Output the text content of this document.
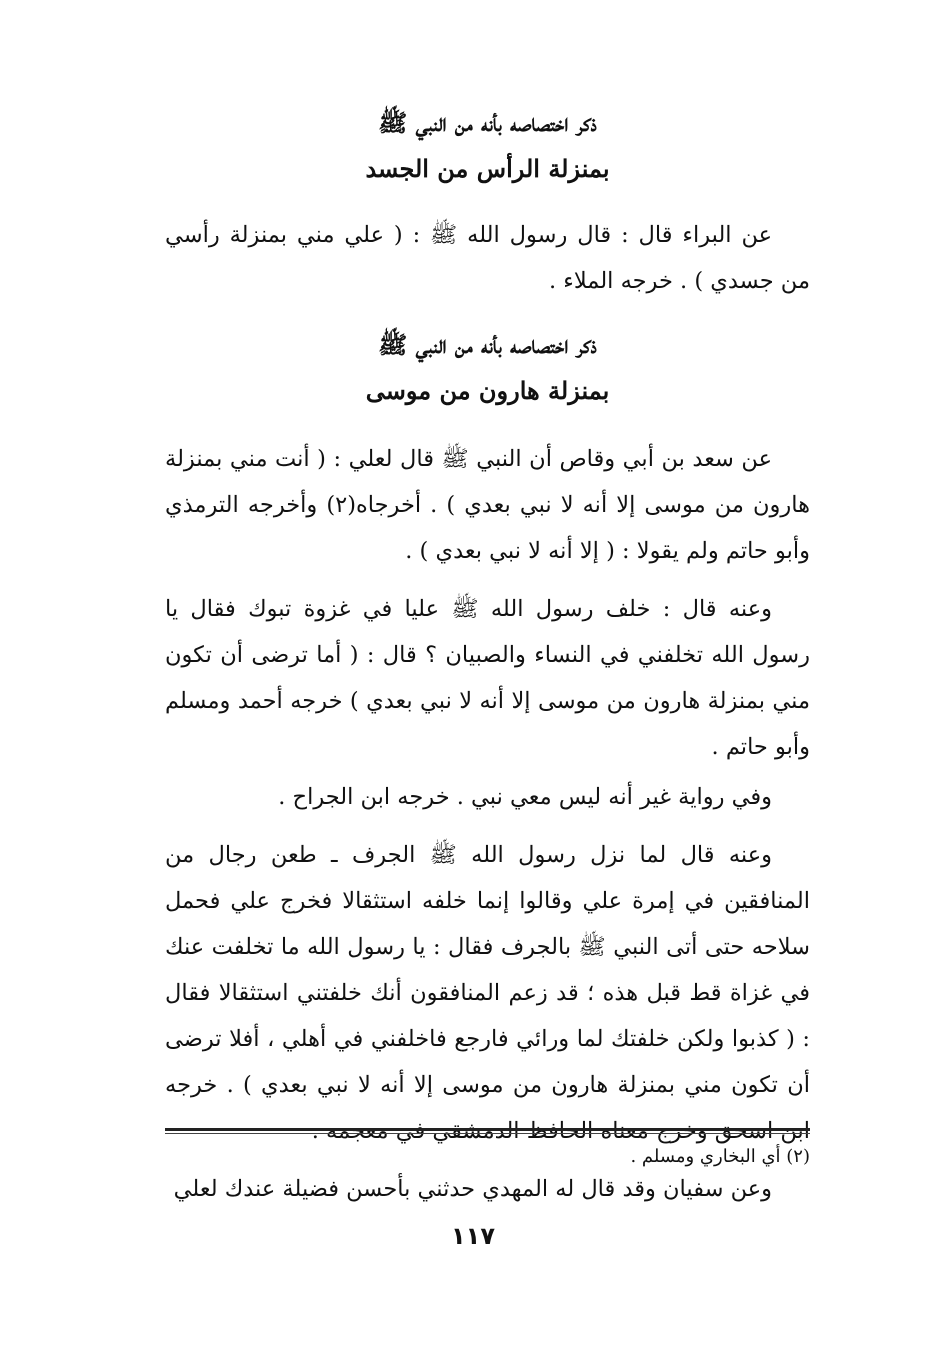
ذكر اختصاصه بأنه من النبي ﷺ

بمنزلة الرأس من الجسد

عن البراء قال : قال رسول الله ﷺ : ( علي مني بمنزلة رأسي من جسدي ) . خرجه الملاء .

ذكر اختصاصه بأنه من النبي ﷺ

بمنزلة هارون من موسى

عن سعد بن أبي وقاص أن النبي ﷺ قال لعلي : ( أنت مني بمنزلة هارون من موسى إلا أنه لا نبي بعدي ) . أخرجاه(٢) وأخرجه الترمذي وأبو حاتم ولم يقولا : ( إلا أنه لا نبي بعدي ) .

وعنه قال : خلف رسول الله ﷺ عليا في غزوة تبوك فقال يا رسول الله تخلفني في النساء والصبيان ؟ قال : ( أما ترضى أن تكون مني بمنزلة هارون من موسى إلا أنه لا نبي بعدي ) خرجه أحمد ومسلم وأبو حاتم .

وفي رواية غير أنه ليس معي نبي . خرجه ابن الجراح .

وعنه قال لما نزل رسول الله ﷺ الجرف ـ طعن رجال من المنافقين في إمرة علي وقالوا إنما خلفه استثقالا فخرج علي فحمل سلاحه حتى أتى النبي ﷺ بالجرف فقال : يا رسول الله ما تخلفت عنك في غزاة قط قبل هذه ؛ قد زعم المنافقون أنك خلفتني استثقالا فقال : ( كذبوا ولكن خلفتك لما ورائي فارجع فاخلفني في أهلي ، أفلا ترضى أن تكون مني بمنزلة هارون من موسى إلا أنه لا نبي بعدي ) . خرجه ابن اسحق وخرج معناه الحافظ الدمشقي في معجمه .

وعن سفيان وقد قال له المهدي حدثني بأحسن فضيلة عندك لعلي

(٢) أي البخاري ومسلم .
١١٧
